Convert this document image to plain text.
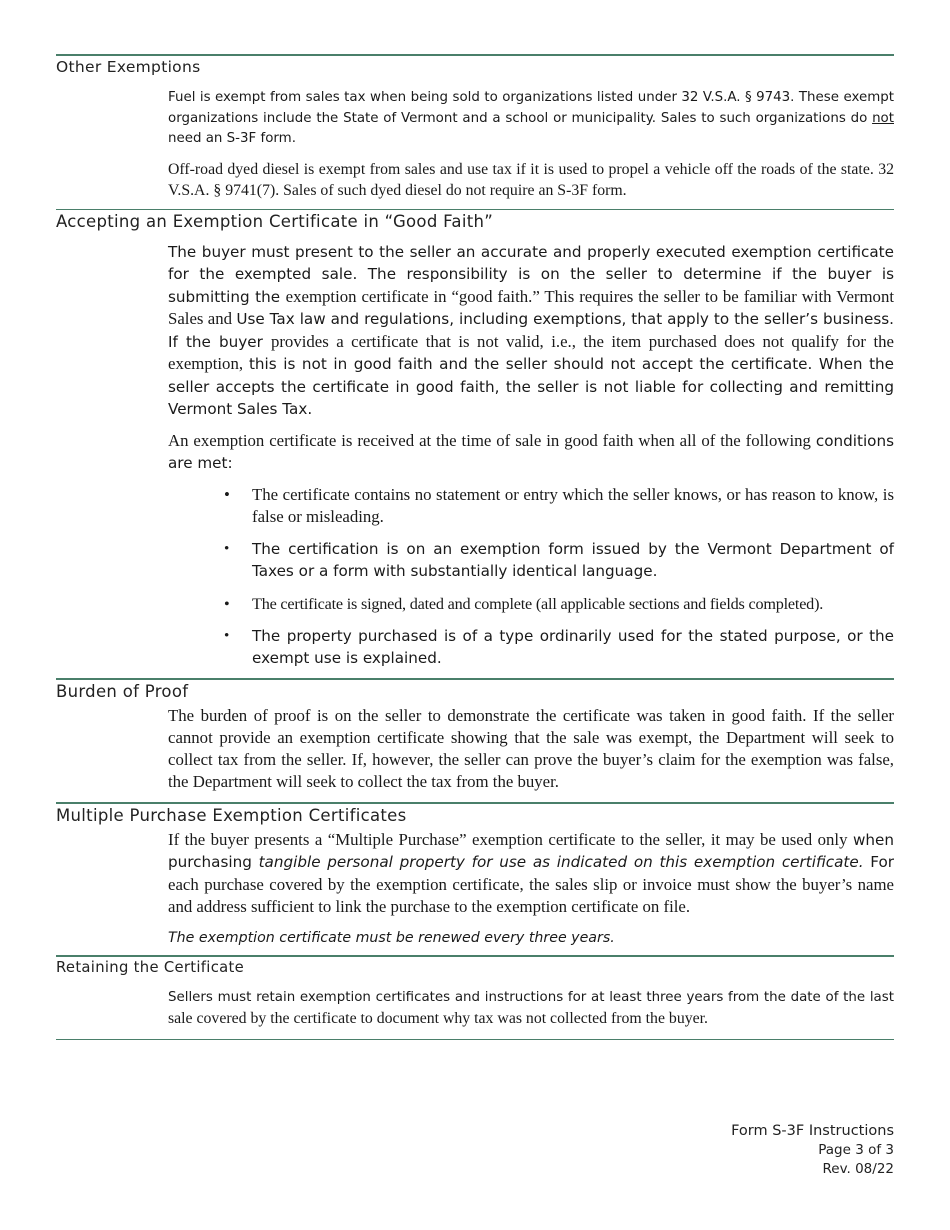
Other Exemptions

Fuel is exempt from sales tax when being sold to organizations listed under 32 V.S.A. § 9743. These exempt organizations include the State of Vermont and a school or municipality. Sales to such organizations do not need an S-3F form.

Off-road dyed diesel is exempt from sales and use tax if it is used to propel a vehicle off the roads of the state. 32 V.S.A. § 9741(7). Sales of such dyed diesel do not require an S-3F form.

Accepting an Exemption Certificate in “Good Faith”

The buyer must present to the seller an accurate and properly executed exemption certificate for the exempted sale. The responsibility is on the seller to determine if the buyer is submitting the exemption certificate in “good faith.” This requires the seller to be familiar with Vermont Sales and Use Tax law and regulations, including exemptions, that apply to the seller’s business. If the buyer provides a certificate that is not valid, i.e., the item purchased does not qualify for the exemption, this is not in good faith and the seller should not accept the certificate. When the seller accepts the certificate in good faith, the seller is not liable for collecting and remitting Vermont Sales Tax.

An exemption certificate is received at the time of sale in good faith when all of the following conditions are met:

• The certificate contains no statement or entry which the seller knows, or has reason to know, is false or misleading.
• The certification is on an exemption form issued by the Vermont Department of Taxes or a form with substantially identical language.
• The certificate is signed, dated and complete (all applicable sections and fields completed).
• The property purchased is of a type ordinarily used for the stated purpose, or the exempt use is explained.
Burden of Proof

The burden of proof is on the seller to demonstrate the certificate was taken in good faith. If the seller cannot provide an exemption certificate showing that the sale was exempt, the Department will seek to collect tax from the seller. If, however, the seller can prove the buyer’s claim for the exemption was false, the Department will seek to collect the tax from the buyer.

Multiple Purchase Exemption Certificates

If the buyer presents a “Multiple Purchase” exemption certificate to the seller, it may be used only when purchasing tangible personal property for use as indicated on this exemption certificate. For each purchase covered by the exemption certificate, the sales slip or invoice must show the buyer’s name and address sufficient to link the purchase to the exemption certificate on file.

The exemption certificate must be renewed every three years.

Retaining the Certificate

Sellers must retain exemption certificates and instructions for at least three years from the date of the last sale covered by the certificate to document why tax was not collected from the buyer.

Form S-3F Instructions
Page 3 of 3
Rev. 08/22
